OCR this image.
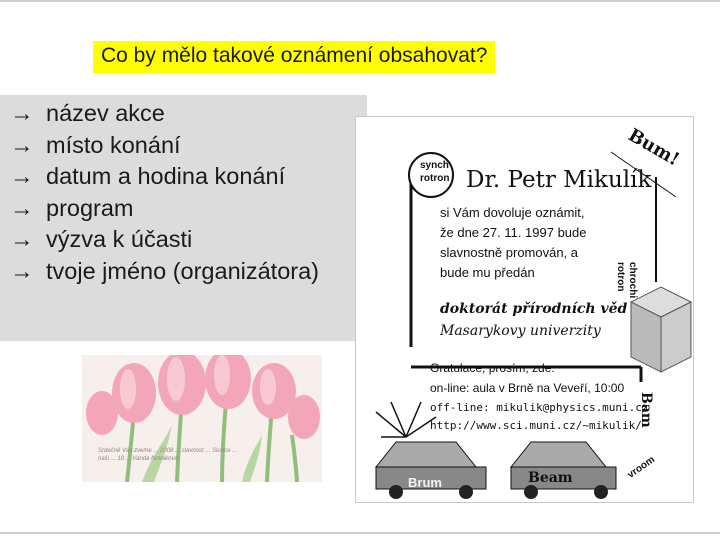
Co by mělo takové oznámení obsahovat?
→ název akce
→ místo konání
→ datum a hodina konání
→ program
→ výzva k účasti
→ tvoje jméno (organizátora)
Srdečně Vás zveme ... 2008 ... slavnost ... Slunce ... naši ... 10 ... Vanda Nováková
synch
rotron Dr. Petr Mikulík
Bum!
si Vám dovoluje oznámit,
že dne 27. 11. 1997 bude
slavnostně promován, a
bude mu předán	chrochi
rotron
doktorát přírodních věd
Masarykovy univerzity
Gratulace, prosím, zde:
on-line: aula v Brně na Veveří, 10:00
off-line: mikulik@physics.muni.cz
http://www.sci.muni.cz/~mikulik/
Bam
Brum	Beam	vroom
